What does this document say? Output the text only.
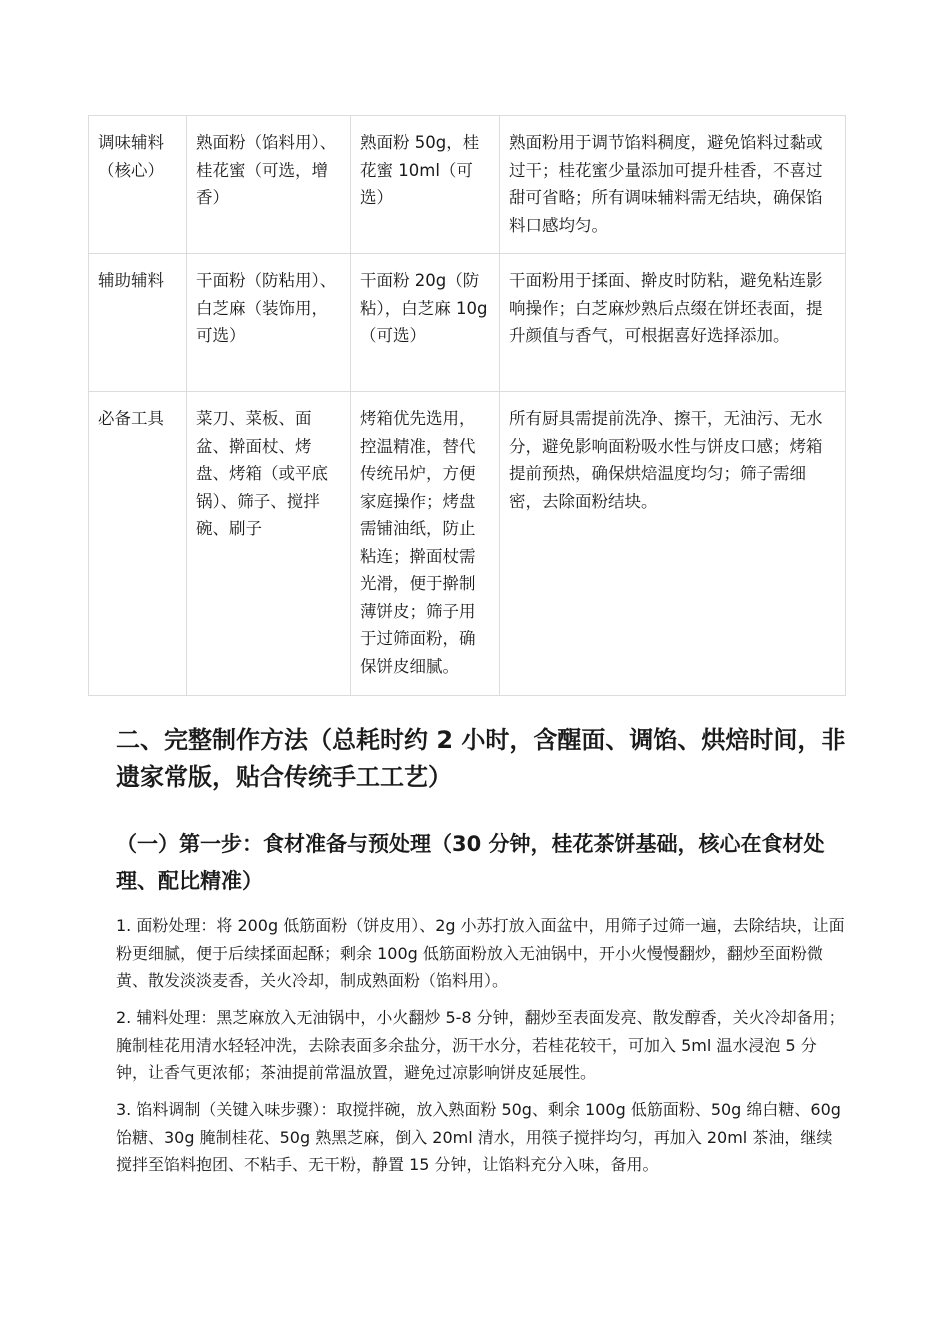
调味辅料（核心）	熟面粉（馅料用）、桂花蜜（可选，增香）	熟面粉 50g，桂花蜜 10ml（可选）	熟面粉用于调节馅料稠度，避免馅料过黏或过干；桂花蜜少量添加可提升桂香，不喜过甜可省略；所有调味辅料需无结块，确保馅料口感均匀。
辅助辅料	干面粉（防粘用）、白芝麻（装饰用，可选）	干面粉 20g（防粘），白芝麻 10g（可选）	干面粉用于揉面、擀皮时防粘，避免粘连影响操作；白芝麻炒熟后点缀在饼坯表面，提升颜值与香气，可根据喜好选择添加。
必备工具	菜刀、菜板、面盆、擀面杖、烤盘、烤箱（或平底锅）、筛子、搅拌碗、刷子	烤箱优先选用，控温精准，替代传统吊炉，方便家庭操作；烤盘需铺油纸，防止粘连；擀面杖需光滑，便于擀制薄饼皮；筛子用于过筛面粉，确保饼皮细腻。	所有厨具需提前洗净、擦干，无油污、无水分，避免影响面粉吸水性与饼皮口感；烤箱提前预热，确保烘焙温度均匀；筛子需细密，去除面粉结块。
二、完整制作方法（总耗时约 2 小时，含醒面、调馅、烘焙时间，非遗家常版，贴合传统手工工艺）
（一）第一步：食材准备与预处理（30 分钟，桂花茶饼基础，核心在食材处理、配比精准）

1. 面粉处理：将 200g 低筋面粉（饼皮用）、2g 小苏打放入面盆中，用筛子过筛一遍，去除结块，让面粉更细腻，便于后续揉面起酥；剩余 100g 低筋面粉放入无油锅中，开小火慢慢翻炒，翻炒至面粉微黄、散发淡淡麦香，关火冷却，制成熟面粉（馅料用）。

2. 辅料处理：黑芝麻放入无油锅中，小火翻炒 5-8 分钟，翻炒至表面发亮、散发醇香，关火冷却备用；腌制桂花用清水轻轻冲洗，去除表面多余盐分，沥干水分，若桂花较干，可加入 5ml 温水浸泡 5 分钟，让香气更浓郁；茶油提前常温放置，避免过凉影响饼皮延展性。

3. 馅料调制（关键入味步骤）：取搅拌碗，放入熟面粉 50g、剩余 100g 低筋面粉、50g 绵白糖、60g 饴糖、30g 腌制桂花、50g 熟黑芝麻，倒入 20ml 清水，用筷子搅拌均匀，再加入 20ml 茶油，继续搅拌至馅料抱团、不粘手、无干粉，静置 15 分钟，让馅料充分入味，备用。
